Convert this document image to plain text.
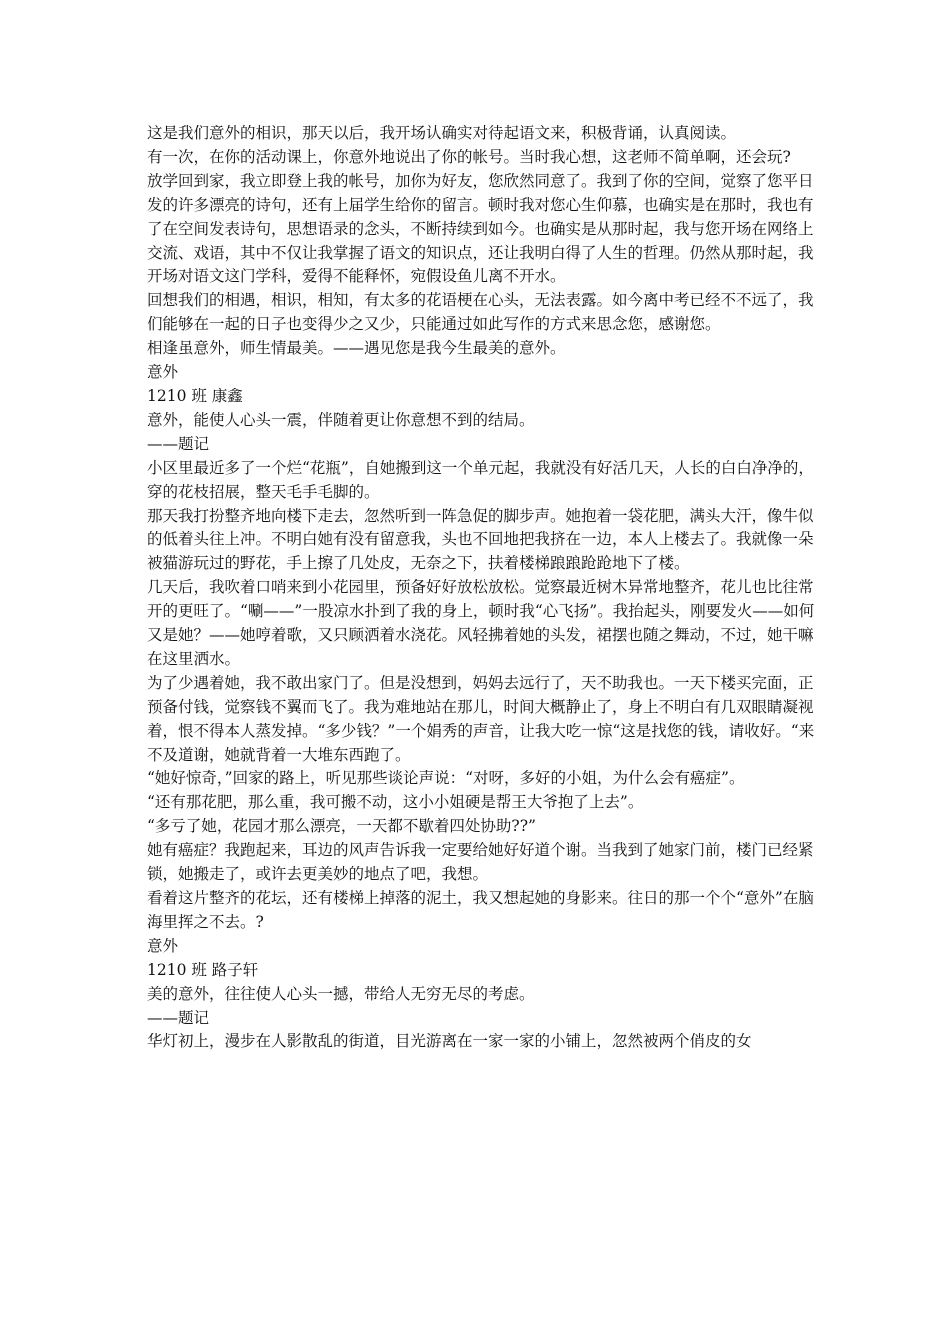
这是我们意外的相识，那天以后，我开场认确实对待起语文来，积极背诵，认真阅读。

有一次，在你的活动课上，你意外地说出了你的帐号。当时我心想，这老师不简单啊，还会玩?

放学回到家，我立即登上我的帐号，加你为好友，您欣然同意了。我到了你的空间，觉察了您平日发的许多漂亮的诗句，还有上届学生给你的留言。顿时我对您心生仰慕，也确实是在那时，我也有了在空间发表诗句，思想语录的念头，不断持续到如今。也确实是从那时起，我与您开场在网络上交流、戏语，其中不仅让我掌握了语文的知识点，还让我明白得了人生的哲理。仍然从那时起，我开场对语文这门学科，爱得不能释怀，宛假设鱼儿离不开水。

回想我们的相遇，相识，相知，有太多的花语梗在心头，无法表露。如今离中考已经不不远了，我们能够在一起的日子也变得少之又少，只能通过如此写作的方式来思念您，感谢您。

相逢虽意外，师生情最美。——遇见您是我今生最美的意外。

意外

1210 班 康鑫

意外，能使人心头一震，伴随着更让你意想不到的结局。

——题记

小区里最近多了一个烂“花瓶”，自她搬到这一个单元起，我就没有好活几天，人长的白白净净的，穿的花枝招展，整天毛手毛脚的。

那天我打扮整齐地向楼下走去，忽然听到一阵急促的脚步声。她抱着一袋花肥，满头大汗，像牛似的低着头往上冲。不明白她有没有留意我，头也不回地把我挤在一边，本人上楼去了。我就像一朵被猫游玩过的野花，手上擦了几处皮，无奈之下，扶着楼梯踉踉跄跄地下了楼。

几天后，我吹着口哨来到小花园里，预备好好放松放松。觉察最近树木异常地整齐，花儿也比往常开的更旺了。“唰——”一股凉水扑到了我的身上，顿时我“心飞扬”。我抬起头，刚要发火——如何又是她？——她哼着歌，又只顾洒着水浇花。风轻拂着她的头发，裙摆也随之舞动，不过，她干嘛在这里洒水。

为了少遇着她，我不敢出家门了。但是没想到，妈妈去远行了，天不助我也。一天下楼买完面，正预备付钱，觉察钱不翼而飞了。我为难地站在那儿，时间大概静止了，身上不明白有几双眼睛凝视着，恨不得本人蒸发掉。“多少钱？”一个娟秀的声音，让我大吃一惊“这是找您的钱，请收好。“来不及道谢，她就背着一大堆东西跑了。

“她好惊奇，”回家的路上，听见那些谈论声说：“对呀，多好的小姐，为什么会有癌症”。

“还有那花肥，那么重，我可搬不动，这小小姐硬是帮王大爷抱了上去”。

“多亏了她，花园才那么漂亮，一天都不歇着四处协助??”

她有癌症？我跑起来，耳边的风声告诉我一定要给她好好道个谢。当我到了她家门前，楼门已经紧锁，她搬走了，或许去更美妙的地点了吧，我想。

看着这片整齐的花坛，还有楼梯上掉落的泥土，我又想起她的身影来。往日的那一个个“意外”在脑海里挥之不去。?

意外

1210 班 路子轩

美的意外，往往使人心头一撼，带给人无穷无尽的考虑。

——题记

华灯初上，漫步在人影散乱的街道，目光游离在一家一家的小铺上，忽然被两个俏皮的女
